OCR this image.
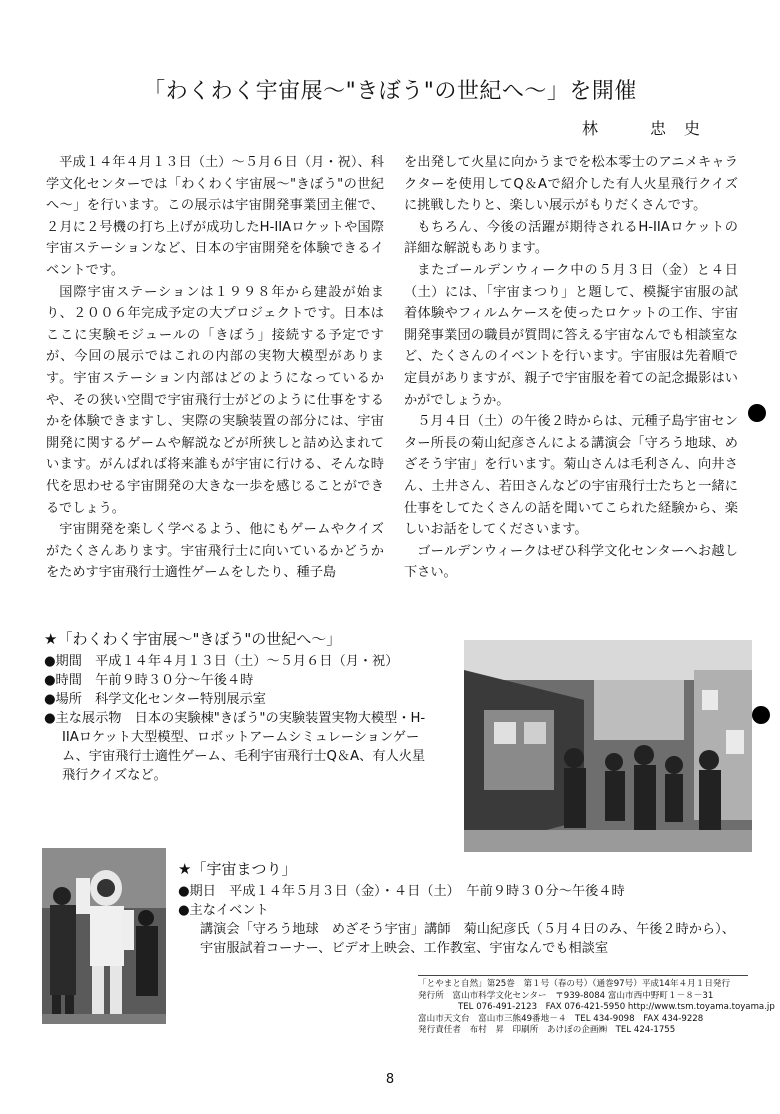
「わくわく宇宙展～"きぼう"の世紀へ～」を開催
林　忠史

平成１４年４月１３日（土）～５月６日（月・祝）、科学文化センターでは「わくわく宇宙展～"きぼう"の世紀へ～」を行います。この展示は宇宙開発事業団主催で、２月に２号機の打ち上げが成功したH-IIAロケットや国際宇宙ステーションなど、日本の宇宙開発を体験できるイベントです。

国際宇宙ステーションは１９９８年から建設が始まり、２００６年完成予定の大プロジェクトです。日本はここに実験モジュールの「きぼう」接続する予定ですが、今回の展示ではこれの内部の実物大模型があります。宇宙ステーション内部はどのようになっているかや、その狭い空間で宇宙飛行士がどのように仕事をするかを体験できますし、実際の実験装置の部分には、宇宙開発に関するゲームや解説などが所狭しと詰め込まれています。がんばれば将来誰もが宇宙に行ける、そんな時代を思わせる宇宙開発の大きな一歩を感じることができるでしょう。

宇宙開発を楽しく学べるよう、他にもゲームやクイズがたくさんあります。宇宙飛行士に向いているかどうかをためす宇宙飛行士適性ゲームをしたり、種子島

を出発して火星に向かうまでを松本零士のアニメキャラクターを使用してQ＆Aで紹介した有人火星飛行クイズに挑戦したりと、楽しい展示がもりだくさんです。

もちろん、今後の活躍が期待されるH-IIAロケットの詳細な解説もあります。

またゴールデンウィーク中の５月３日（金）と４日（土）には、「宇宙まつり」と題して、模擬宇宙服の試着体験やフィルムケースを使ったロケットの工作、宇宙開発事業団の職員が質問に答える宇宙なんでも相談室など、たくさんのイベントを行います。宇宙服は先着順で定員がありますが、親子で宇宙服を着ての記念撮影はいかがでしょうか。

５月４日（土）の午後２時からは、元種子島宇宙センター所長の菊山紀彦さんによる講演会「守ろう地球、めざそう宇宙」を行います。菊山さんは毛利さん、向井さん、土井さん、若田さんなどの宇宙飛行士たちと一緒に仕事をしてたくさんの話を聞いてこられた経験から、楽しいお話をしてくださいます。

ゴールデンウィークはぜひ科学文化センターへお越し下さい。

★「わくわく宇宙展～"きぼう"の世紀へ～」
●期間　平成１４年４月１３日（土）～５月６日（月・祝）
●時間　午前９時３０分～午後４時
●場所　科学文化センター特別展示室
●主な展示物　日本の実験棟"きぼう"の実験装置実物大模型・H-
IIAロケット大型模型、ロボットアームシミュレーションゲー
ム、宇宙飛行士適性ゲーム、毛利宇宙飛行士Q＆A、有人火星
飛行クイズなど。
★「宇宙まつり」
●期日　平成１４年５月３日（金）・４日（土）　午前９時３０分～午後４時
●主なイベント
講演会「守ろう地球　めざそう宇宙」講師　菊山紀彦氏（５月４日のみ、午後２時から）、
宇宙服試着コーナー、ビデオ上映会、工作教室、宇宙なんでも相談室
「とやまと自然」第25巻　第１号（春の号）（通巻97号）平成14年４月１日発行
発行所　富山市科学文化センター　〒939-8084 富山市西中野町１－８－31
TEL 076-491-2123　FAX 076-421-5950 http://www.tsm.toyama.toyama.jp
富山市天文台　富山市三熊49番地－４　TEL 434-9098　FAX 434-9228
発行責任者　布村　昇　印刷所　あけぼの企画㈱　TEL 424-1755
8
